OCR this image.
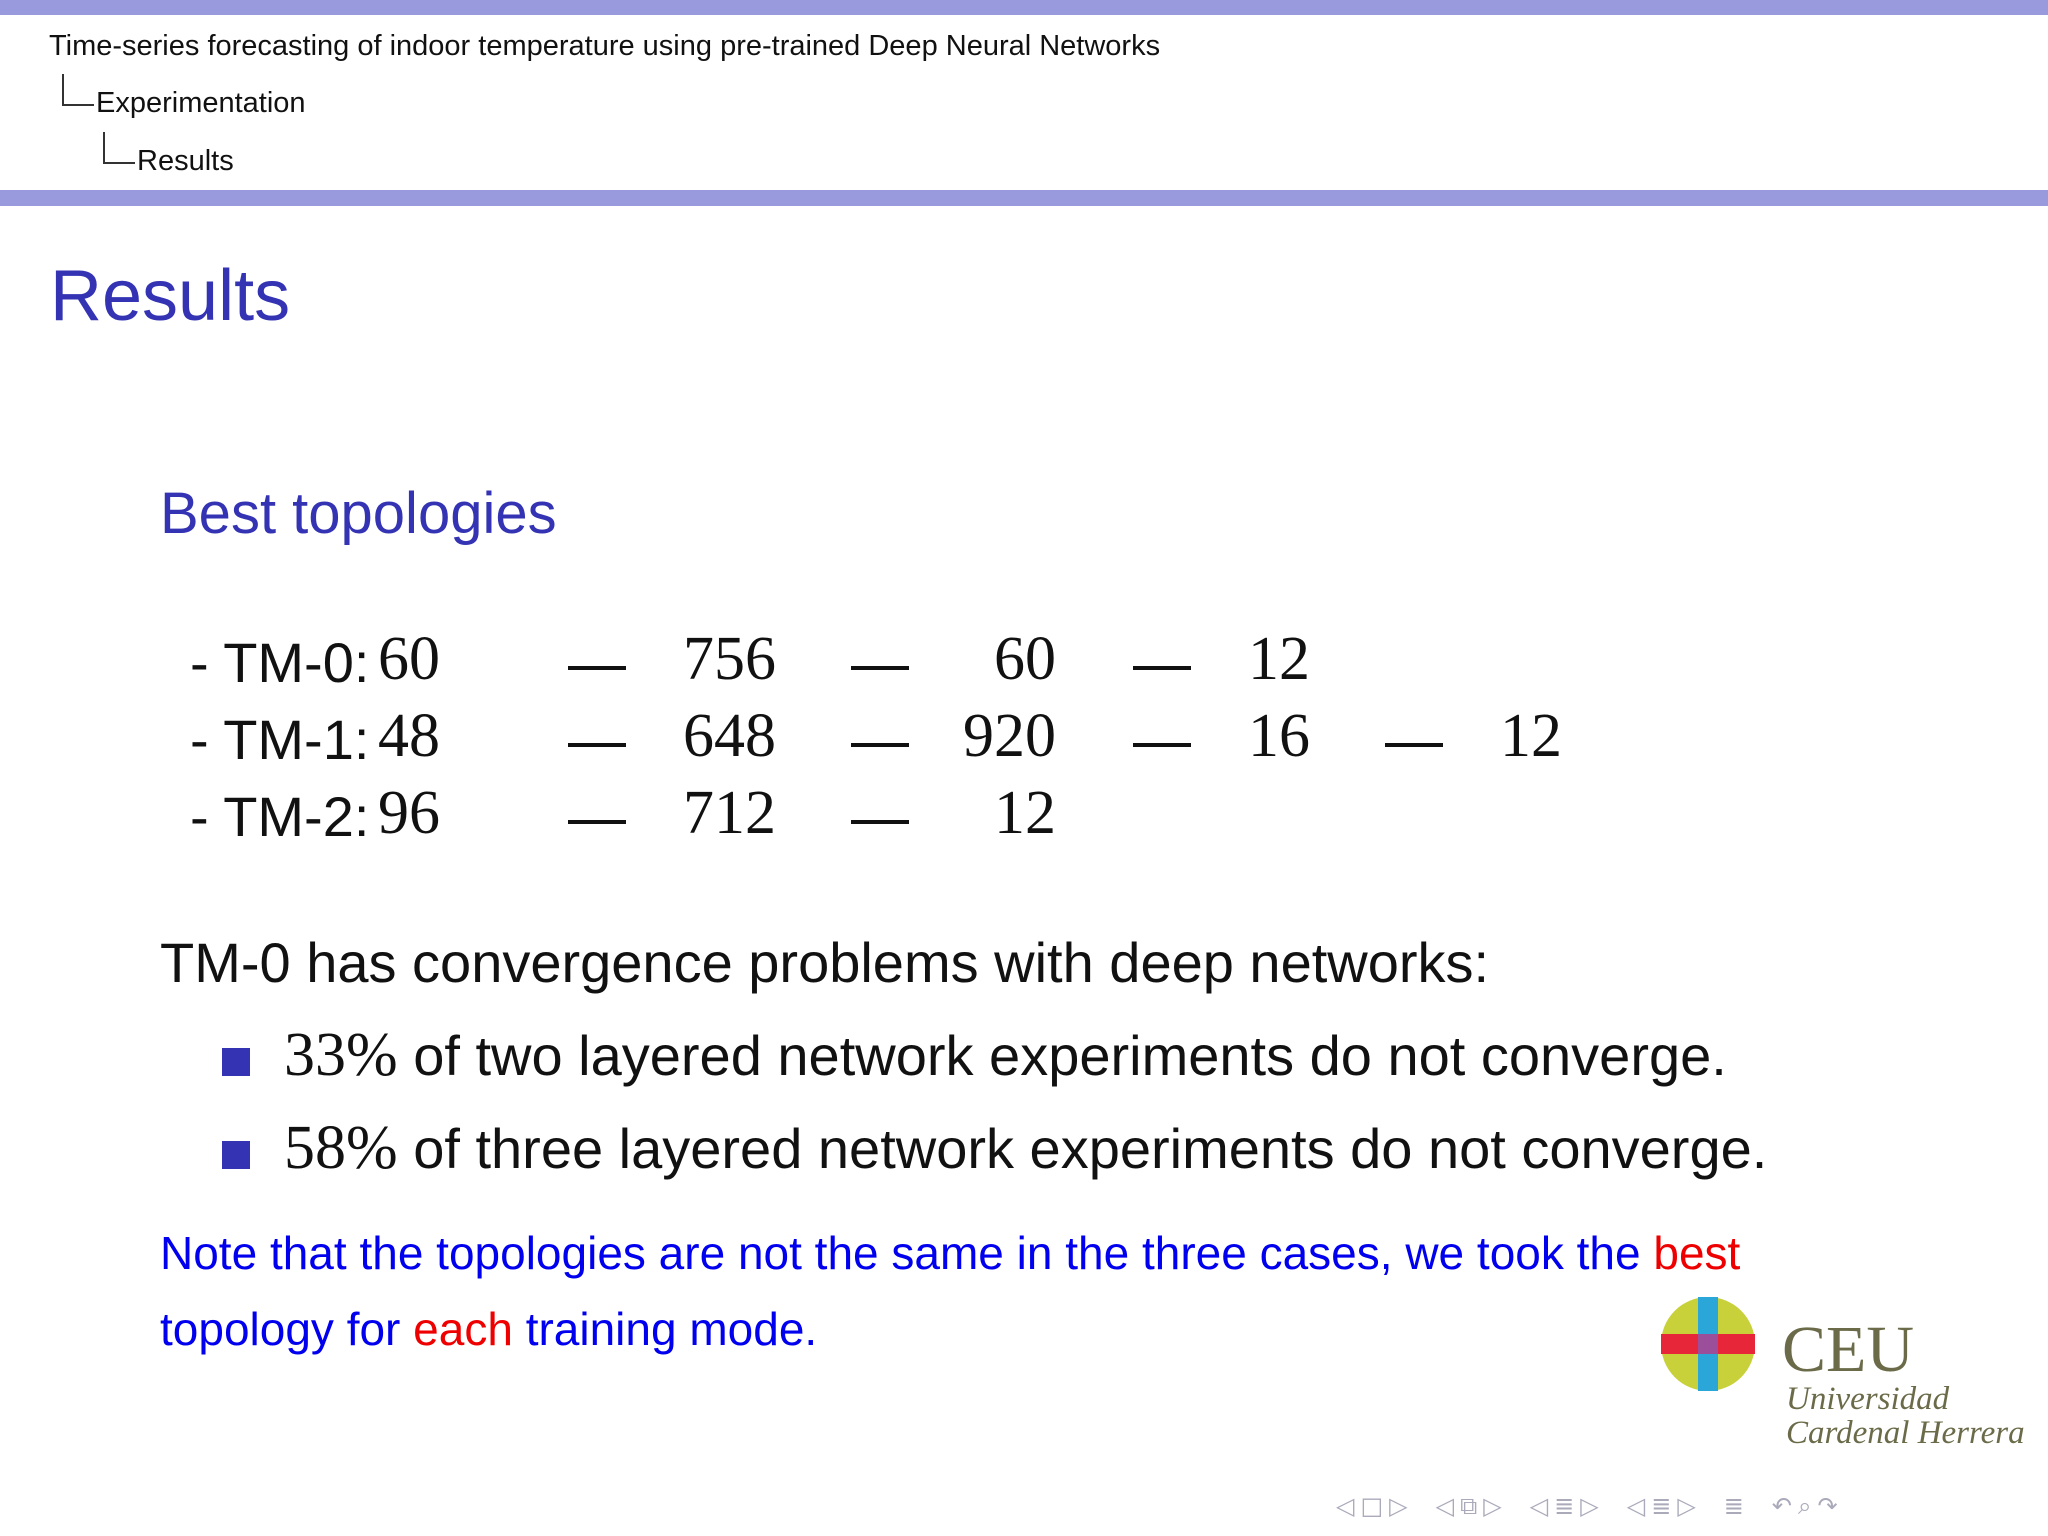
Time-series forecasting of indoor temperature using pre-trained Deep Neural Networks
Experimentation
Results
Results
Best topologies
- TM-0: 60	756	60	12
- TM-1: 48	648	920	16	12
- TM-2: 96	712	12
TM-0 has convergence problems with deep networks:
33% of two layered network experiments do not converge.
58% of three layered network experiments do not converge.
Note that the topologies are not the same in the three cases, we took the best topology for each training mode.	CEU
Universidad
Cardenal Herrera
◁ □ ▷ ◁ ⧉ ▷ ◁ ≣ ▷ ◁ ≣ ▷ ≣ ↶ ⌕ ↷
